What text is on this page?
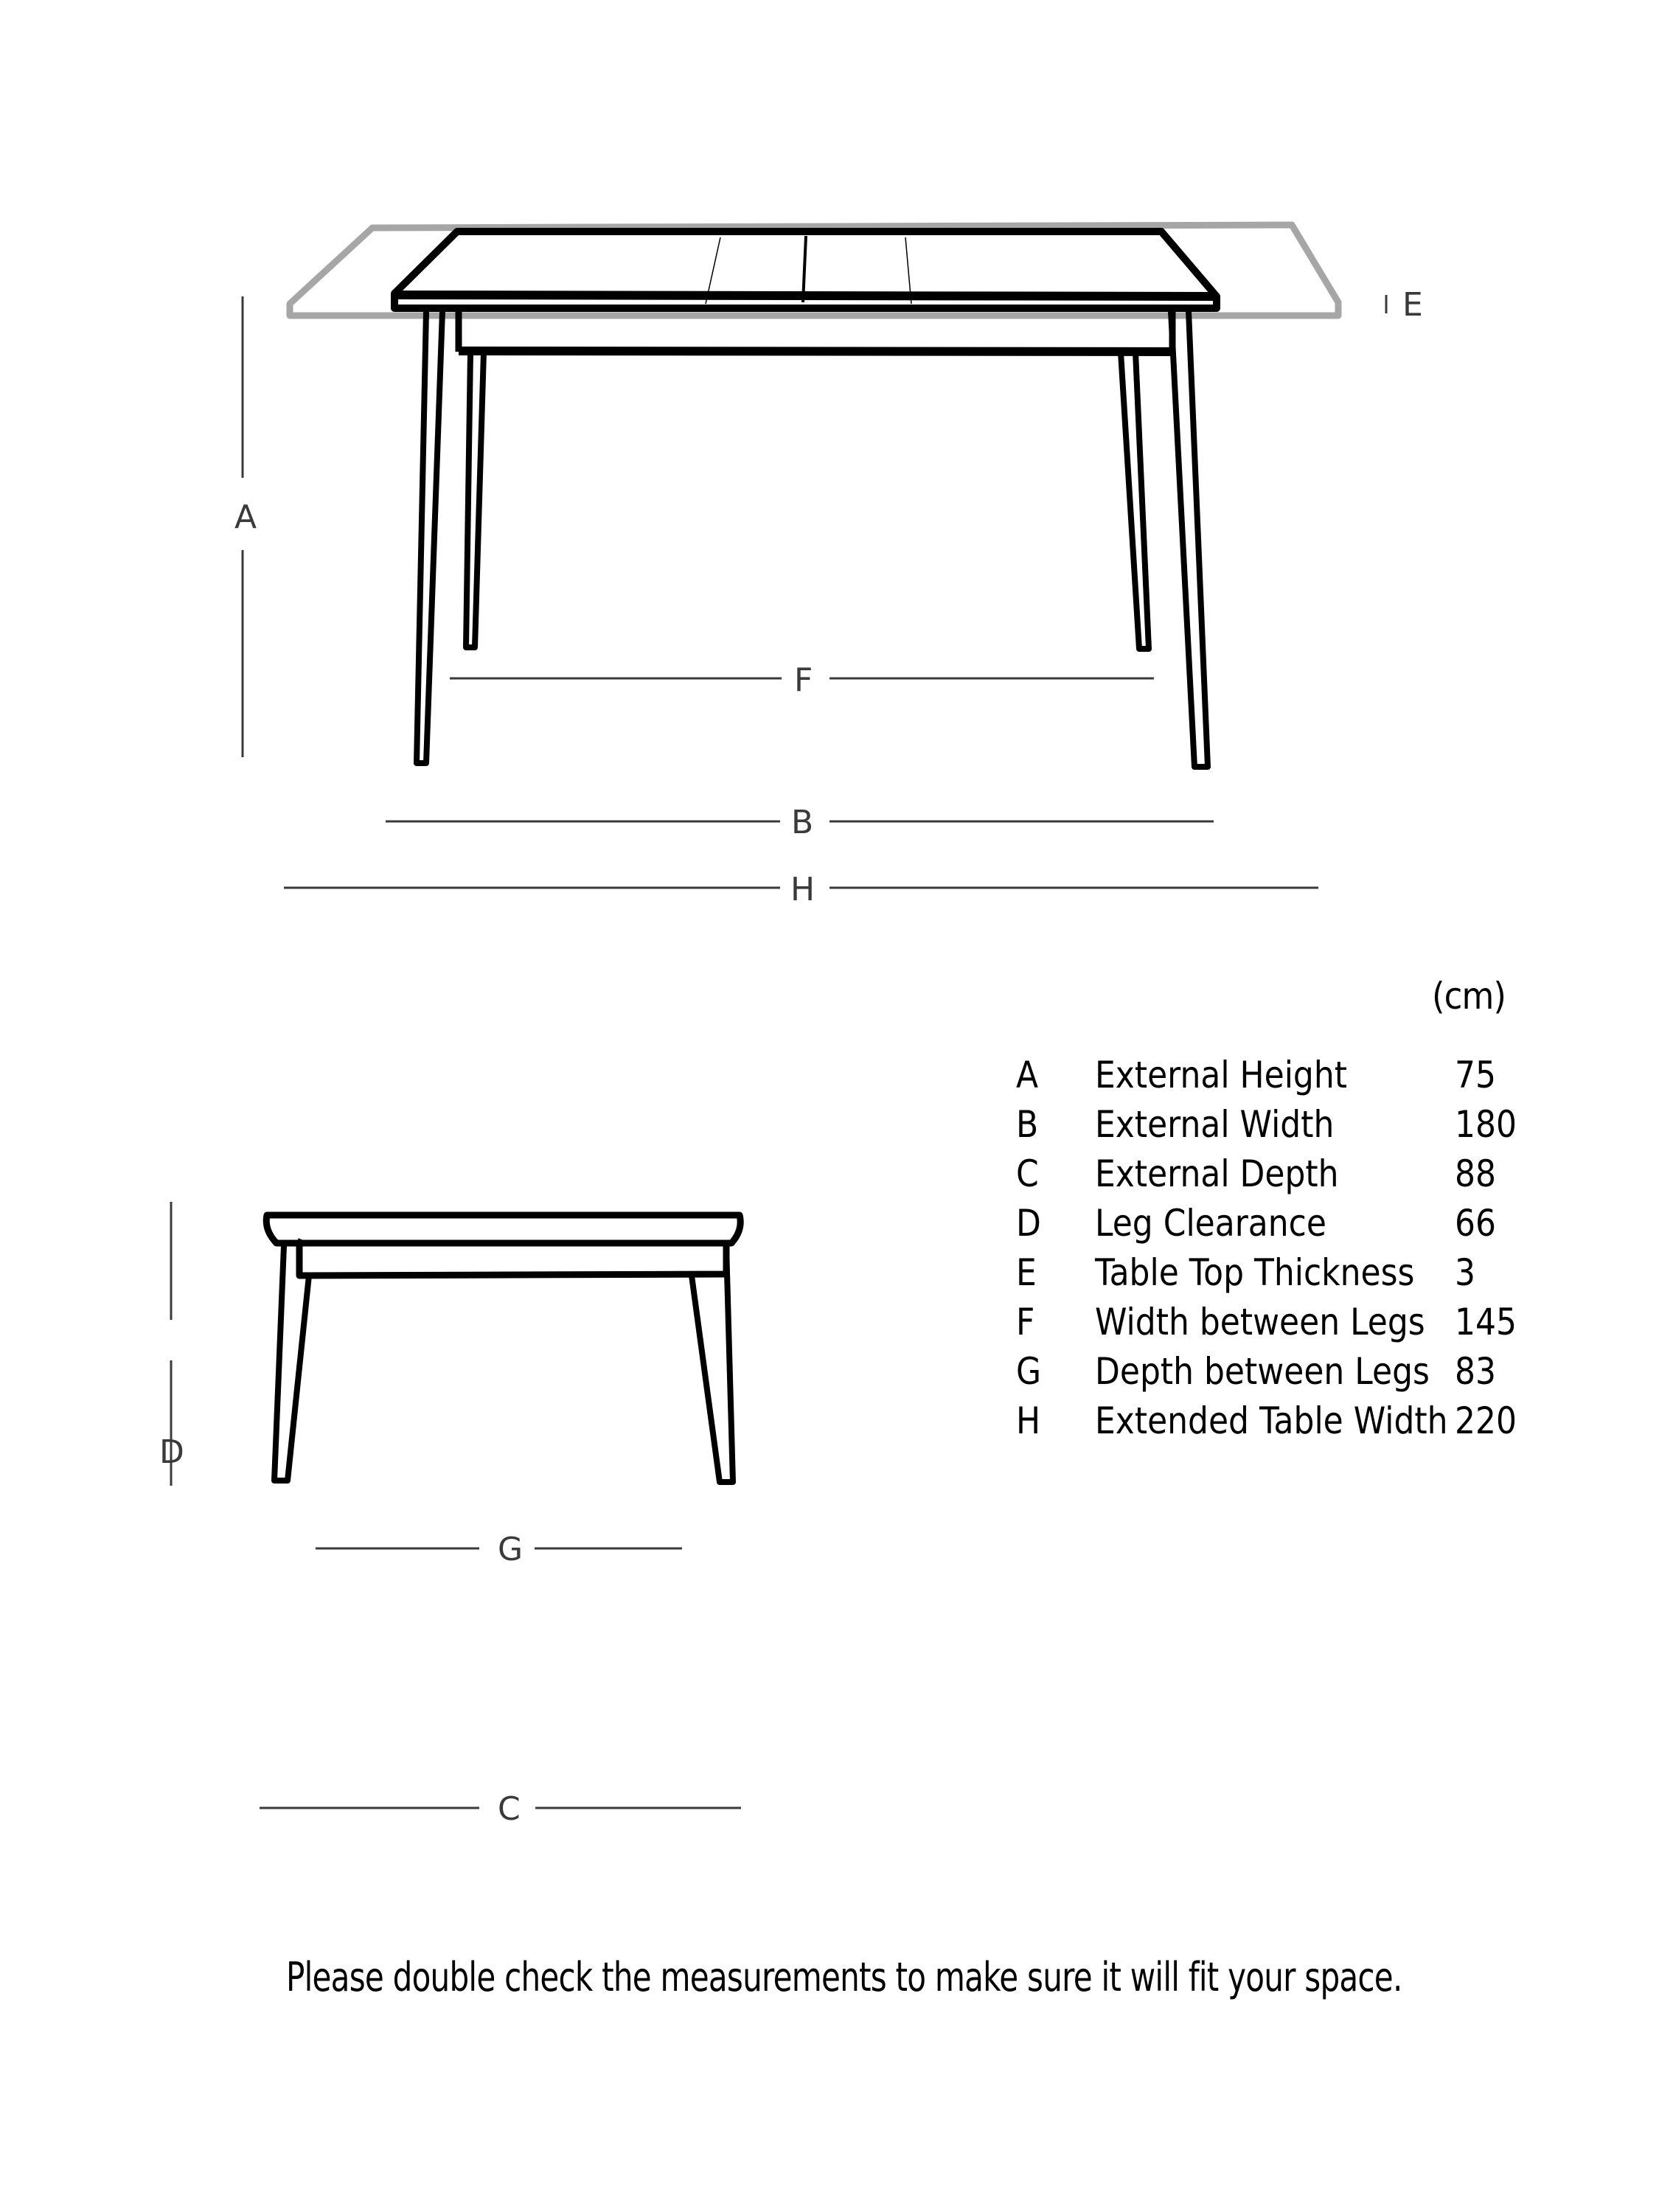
A
E
F
B
H
D
G
C
(cm)
A External Height	75
B External Width	180
C External Depth	88
D Leg Clearance	66
E Table Top Thickness 3
F Width between Legs 145
G Depth between Legs 83
H Extended Table Width 220
Please double check the measurements to make sure it will fit your space.
